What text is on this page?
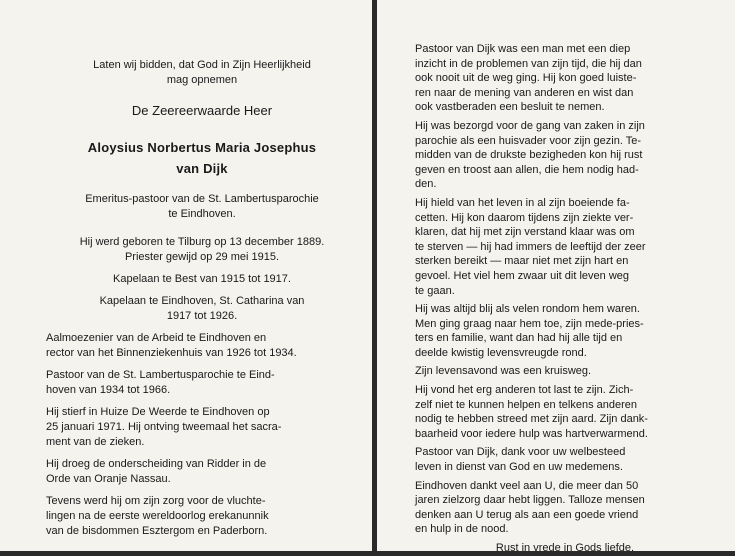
Laten wij bidden, dat God in Zijn Heerlijkheid

mag opnemen

De Zeereerwaarde Heer

Aloysius Norbertus Maria Josephus

van Dijk

Emeritus-pastoor van de St. Lambertusparochie

te Eindhoven.

Hij werd geboren te Tilburg op 13 december 1889.

Priester gewijd op 29 mei 1915.

Kapelaan te Best van 1915 tot 1917.

Kapelaan te Eindhoven, St. Catharina van

1917 tot 1926.

Aalmoezenier van de Arbeid te Eindhoven en

rector van het Binnenziekenhuis van 1926 tot 1934.

Pastoor van de St. Lambertusparochie te Eind-

hoven van 1934 tot 1966.

Hij stierf in Huize De Weerde te Eindhoven op

25 januari 1971. Hij ontving tweemaal het sacra-

ment van de zieken.

Hij droeg de onderscheiding van Ridder in de

Orde van Oranje Nassau.

Tevens werd hij om zijn zorg voor de vluchte-

lingen na de eerste wereldoorlog erekanunnik

van de bisdommen Esztergom en Paderborn.

Pastoor van Dijk was een man met een diep

inzicht in de problemen van zijn tijd, die hij dan

ook nooit uit de weg ging. Hij kon goed luiste-

ren naar de mening van anderen en wist dan

ook vastberaden een besluit te nemen.

Hij was bezorgd voor de gang van zaken in zijn

parochie als een huisvader voor zijn gezin. Te-

midden van de drukste bezigheden kon hij rust

geven en troost aan allen, die hem nodig had-

den.

Hij hield van het leven in al zijn boeiende fa-

cetten. Hij kon daarom tijdens zijn ziekte ver-

klaren, dat hij met zijn verstand klaar was om

te sterven — hij had immers de leeftijd der zeer

sterken bereikt — maar niet met zijn hart en

gevoel. Het viel hem zwaar uit dit leven weg

te gaan.

Hij was altijd blij als velen rondom hem waren.

Men ging graag naar hem toe, zijn mede-pries-

ters en familie, want dan had hij alle tijd en

deelde kwistig levensvreugde rond.

Zijn levensavond was een kruisweg.

Hij vond het erg anderen tot last te zijn. Zich-

zelf niet te kunnen helpen en telkens anderen

nodig te hebben streed met zijn aard. Zijn dank-

baarheid voor iedere hulp was hartverwarmend.

Pastoor van Dijk, dank voor uw welbesteed

leven in dienst van God en uw medemens.

Eindhoven dankt veel aan U, die meer dan 50

jaren zielzorg daar hebt liggen. Talloze mensen

denken aan U terug als aan een goede vriend

en hulp in de nood.

Rust in vrede in Gods liefde.
